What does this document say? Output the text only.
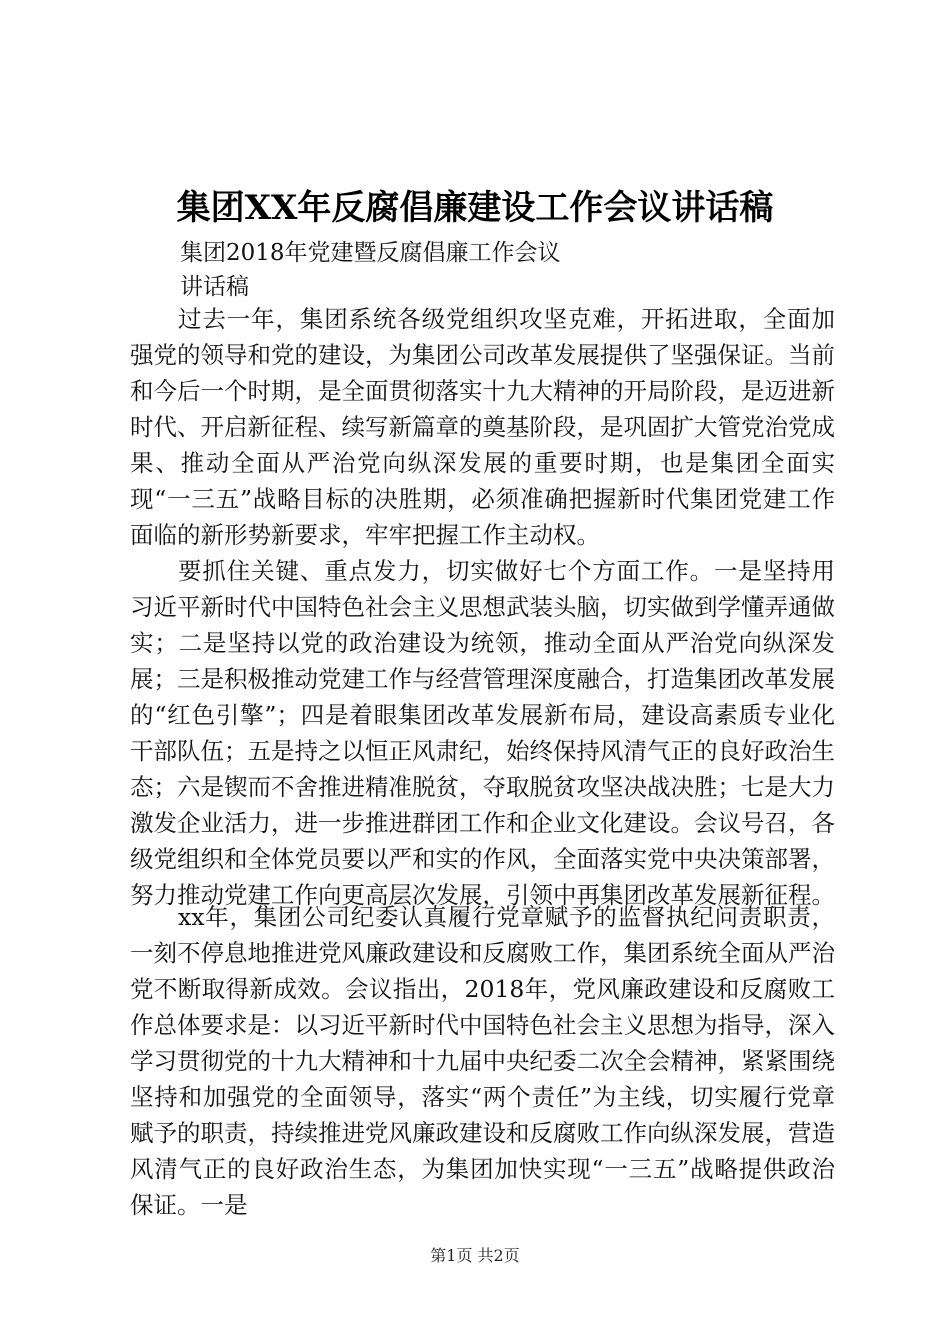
集团XX年反腐倡廉建设工作会议讲话稿
集团2018年党建暨反腐倡廉工作会议
讲话稿

过去一年，集团系统各级党组织攻坚克难，开拓进取，全面加强党的领导和党的建设，为集团公司改革发展提供了坚强保证。当前和今后一个时期，是全面贯彻落实十九大精神的开局阶段，是迈进新时代、开启新征程、续写新篇章的奠基阶段，是巩固扩大管党治党成果、推动全面从严治党向纵深发展的重要时期，也是集团全面实现“一三五”战略目标的决胜期，必须准确把握新时代集团党建工作面临的新形势新要求，牢牢把握工作主动权。

要抓住关键、重点发力，切实做好七个方面工作。一是坚持用习近平新时代中国特色社会主义思想武装头脑，切实做到学懂弄通做实；二是坚持以党的政治建设为统领，推动全面从严治党向纵深发展；三是积极推动党建工作与经营管理深度融合，打造集团改革发展的“红色引擎”；四是着眼集团改革发展新布局，建设高素质专业化干部队伍；五是持之以恒正风肃纪，始终保持风清气正的良好政治生态；六是锲而不舍推进精准脱贫，夺取脱贫攻坚决战决胜；七是大力激发企业活力，进一步推进群团工作和企业文化建设。会议号召，各级党组织和全体党员要以严和实的作风，全面落实党中央决策部署，努力推动党建工作向更高层次发展，引领中再集团改革发展新征程。

xx年，集团公司纪委认真履行党章赋予的监督执纪问责职责，一刻不停息地推进党风廉政建设和反腐败工作，集团系统全面从严治党不断取得新成效。会议指出，2018年，党风廉政建设和反腐败工作总体要求是：以习近平新时代中国特色社会主义思想为指导，深入学习贯彻党的十九大精神和十九届中央纪委二次全会精神，紧紧围绕坚持和加强党的全面领导，落实“两个责任”为主线，切实履行党章赋予的职责，持续推进党风廉政建设和反腐败工作向纵深发展，营造风清气正的良好政治生态，为集团加快实现“一三五”战略提供政治保证。一是

第1页 共2页
